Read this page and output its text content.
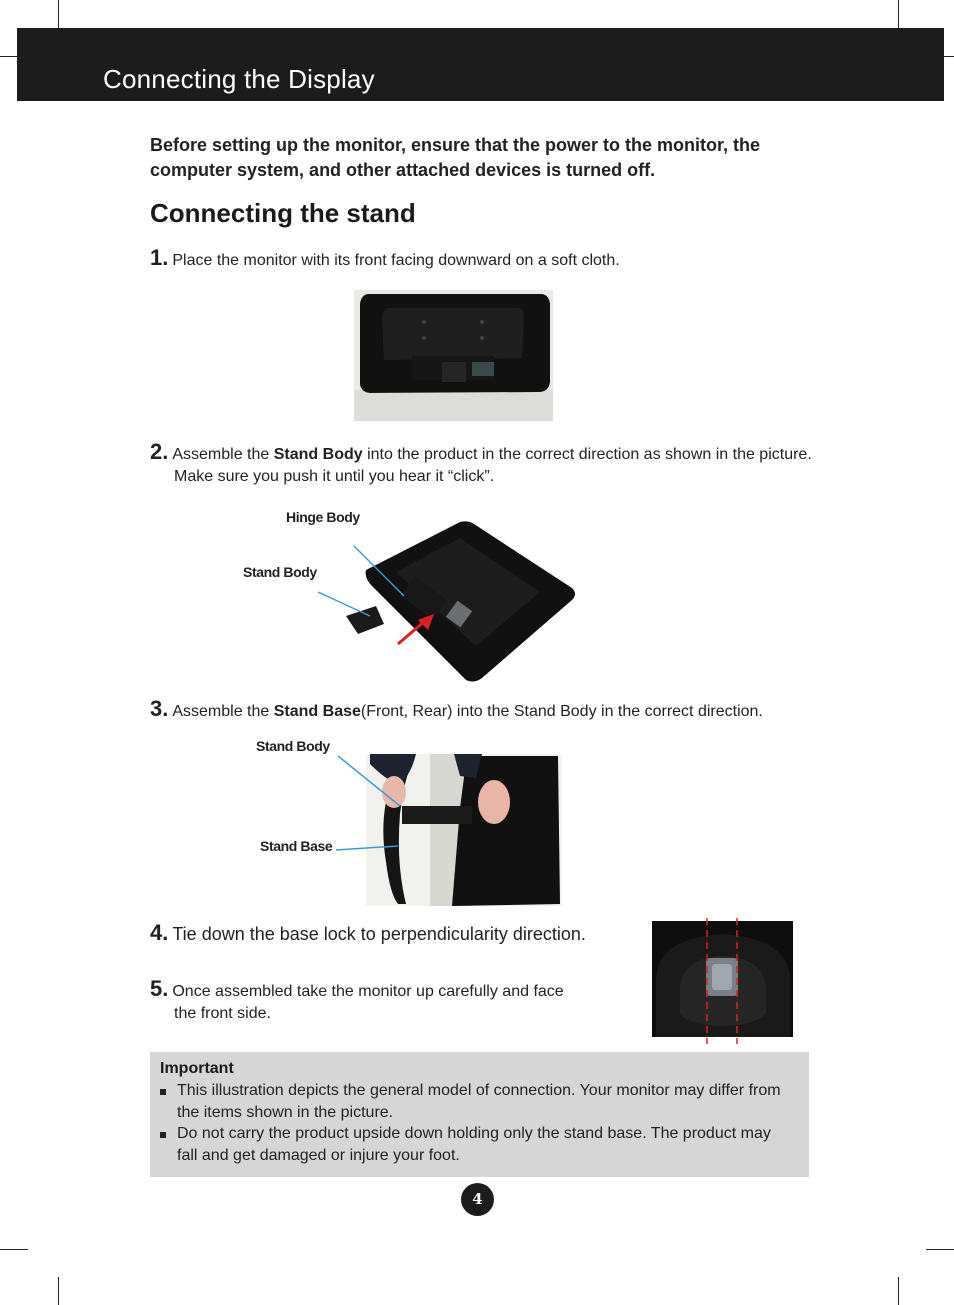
Connecting the Display
Before setting up the monitor, ensure that the power to the monitor, the computer system, and other attached devices is turned off.
Connecting the stand
1. Place the monitor with its front facing downward on a soft cloth.
2. Assemble the Stand Body into the product in the correct direction as shown in the picture.
Make sure you push it until you hear it “click”.
Hinge Body
Stand Body
3. Assemble the Stand Base(Front, Rear) into the Stand Body in the correct direction.
Stand Body
Stand Base
4. Tie down the base lock to perpendicularity direction.
5. Once assembled take the monitor up carefully and face
the front side.
Important
This illustration depicts the general model of connection. Your monitor may differ from
the items shown in the picture.
Do not carry the product upside down holding only the stand base. The product may
fall and get damaged or injure your foot.
4
